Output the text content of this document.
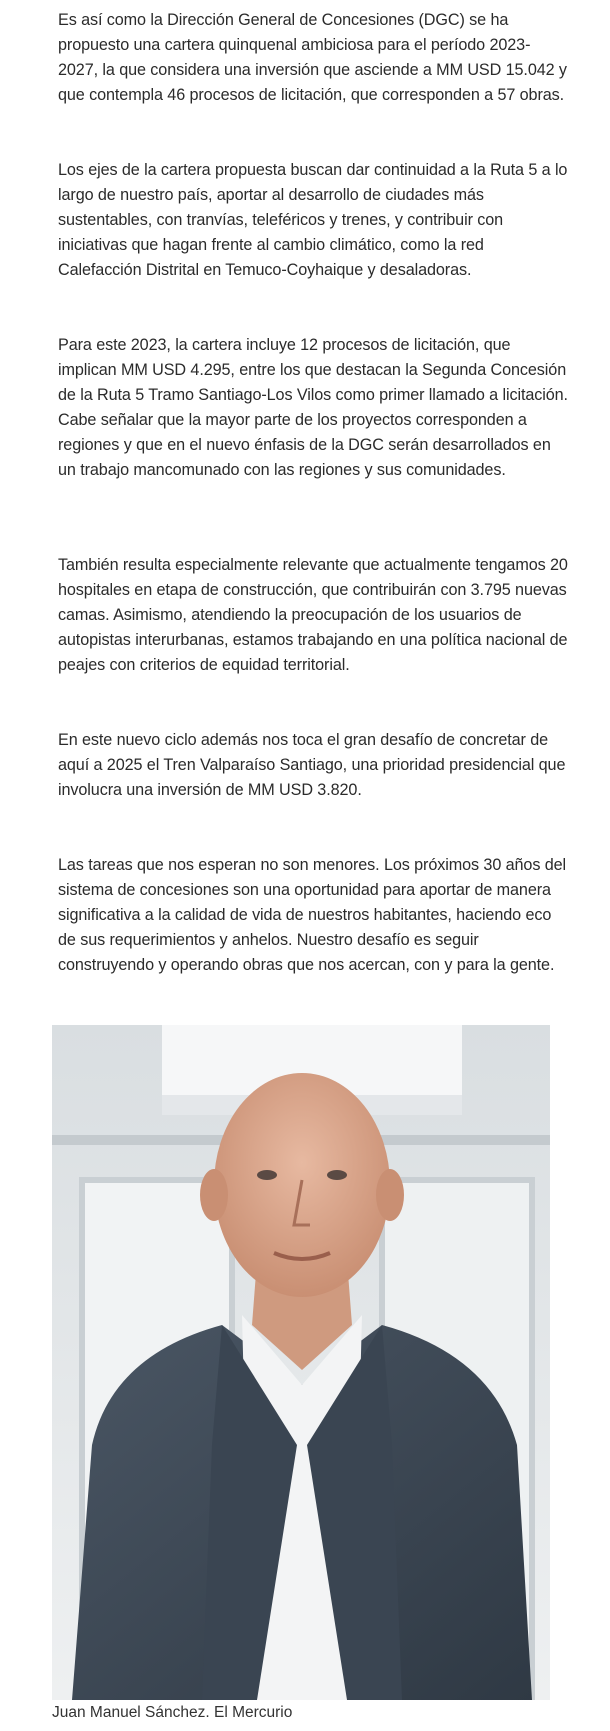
Es así como la Dirección General de Concesiones (DGC) se ha propuesto una cartera quinquenal ambiciosa para el período 2023-2027, la que considera una inversión que asciende a MM USD 15.042 y que contempla 46 procesos de licitación, que corresponden a 57 obras.

Los ejes de la cartera propuesta buscan dar continuidad a la Ruta 5 a lo largo de nuestro país, aportar al desarrollo de ciudades más sustentables, con tranvías, teleféricos y trenes, y contribuir con iniciativas que hagan frente al cambio climático, como la red Calefacción Distrital en Temuco-Coyhaique y desaladoras.

Para este 2023, la cartera incluye 12 procesos de licitación, que implican MM USD 4.295, entre los que destacan la Segunda Concesión de la Ruta 5 Tramo Santiago-Los Vilos como primer llamado a licitación. Cabe señalar que la mayor parte de los proyectos corresponden a regiones y que en el nuevo énfasis de la DGC serán desarrollados en un trabajo mancomunado con las regiones y sus comunidades.

También resulta especialmente relevante que actualmente tengamos 20 hospitales en etapa de construcción, que contribuirán con 3.795 nuevas camas. Asimismo, atendiendo la preocupación de los usuarios de autopistas interurbanas, estamos trabajando en una política nacional de peajes con criterios de equidad territorial.

En este nuevo ciclo además nos toca el gran desafío de concretar de aquí a 2025 el Tren Valparaíso Santiago, una prioridad presidencial que involucra una inversión de MM USD 3.820.

Las tareas que nos esperan no son menores. Los próximos 30 años del sistema de concesiones son una oportunidad para aportar de manera significativa a la calidad de vida de nuestros habitantes, haciendo eco de sus requerimientos y anhelos. Nuestro desafío es seguir construyendo y operando obras que nos acercan, con y para la gente.

Juan Manuel Sánchez. El Mercurio
